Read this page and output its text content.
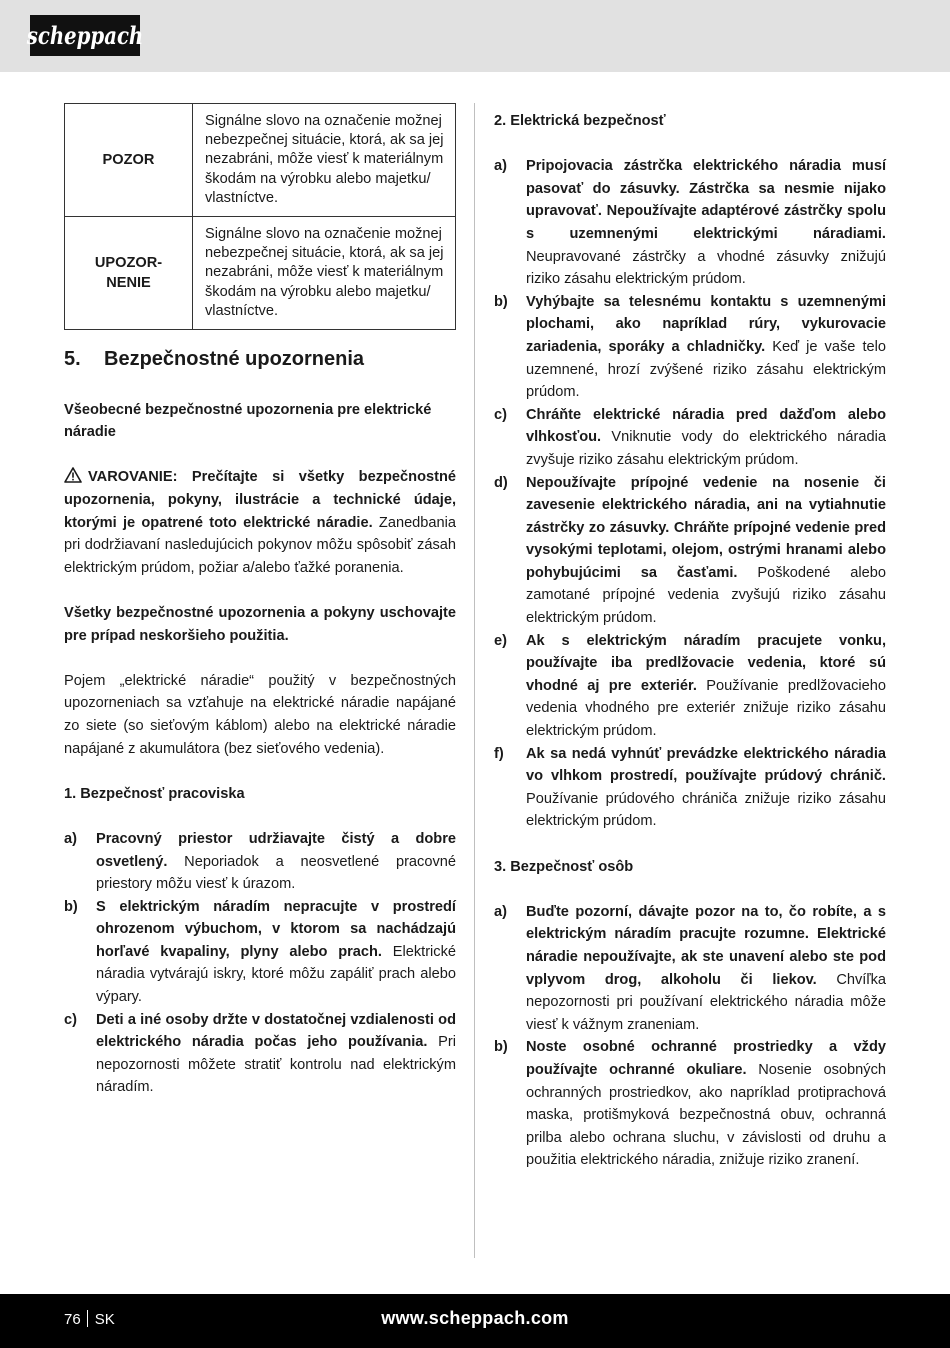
scheppach
POZOR	Signálne slovo na označenie možnej nebezpečnej situácie, ktorá, ak sa jej nezabráni, môže viesť k materiálnym škodám na výrobku alebo majetku/ vlastníctve.
UPOZOR-
NENIE	Signálne slovo na označenie možnej nebezpečnej situácie, ktorá, ak sa jej nezabráni, môže viesť k materiálnym škodám na výrobku alebo majetku/ vlastníctve.
5. Bezpečnostné upozornenia

Všeobecné bezpečnostné upozornenia pre elektrické náradie

VAROVANIE: Prečítajte si všetky bezpečnostné upozornenia, pokyny, ilustrácie a technické údaje, ktorými je opatrené toto elektrické náradie. Zanedbania pri dodržiavaní nasledujúcich pokynov môžu spôsobiť zásah elektrickým prúdom, požiar a/alebo ťažké poranenia.

Všetky bezpečnostné upozornenia a pokyny uschovajte pre prípad neskoršieho použitia.

Pojem „elektrické náradie“ použitý v bezpečnostných upozorneniach sa vzťahuje na elektrické náradie napájané zo siete (so sieťovým káblom) alebo na elektrické náradie napájané z akumulátora (bez sieťového vedenia).

1. Bezpečnosť pracoviska

a)	Pracovný priestor udržiavajte čistý a dobre osvetlený. Neporiadok a neosvetlené pracovné priestory môžu viesť k úrazom.
b)	S elektrickým náradím nepracujte v prostredí ohrozenom výbuchom, v ktorom sa nachádzajú horľavé kvapaliny, plyny alebo prach. Elektrické náradia vytvárajú iskry, ktoré môžu zapáliť prach alebo výpary.
c)	Deti a iné osoby držte v dostatočnej vzdialenosti od elektrického náradia počas jeho používania. Pri nepozornosti môžete stratiť kontrolu nad elektrickým náradím.

2. Elektrická bezpečnosť

a)	Pripojovacia zástrčka elektrického náradia musí pasovať do zásuvky. Zástrčka sa nesmie nijako upravovať. Nepoužívajte adaptérové zástrčky spolu s uzemnenými elektrickými náradiami. Neupravované zástrčky a vhodné zásuvky znižujú riziko zásahu elektrickým prúdom.
b)	Vyhýbajte sa telesnému kontaktu s uzemnenými plochami, ako napríklad rúry, vykurovacie zariadenia, sporáky a chladničky. Keď je vaše telo uzemnené, hrozí zvýšené riziko zásahu elektrickým prúdom.
c)	Chráňte elektrické náradia pred dažďom alebo vlhkosťou. Vniknutie vody do elektrického náradia zvyšuje riziko zásahu elektrickým prúdom.
d)	Nepoužívajte prípojné vedenie na nosenie či zavesenie elektrického náradia, ani na vytiahnutie zástrčky zo zásuvky. Chráňte prípojné vedenie pred vysokými teplotami, olejom, ostrými hranami alebo pohybujúcimi sa časťami. Poškodené alebo zamotané prípojné vedenia zvyšujú riziko zásahu elektrickým prúdom.
e)	Ak s elektrickým náradím pracujete vonku, používajte iba predlžovacie vedenia, ktoré sú vhodné aj pre exteriér. Používanie predlžovacieho vedenia vhodného pre exteriér znižuje riziko zásahu elektrickým prúdom.
f)	Ak sa nedá vyhnúť prevádzke elektrického náradia vo vlhkom prostredí, používajte prúdový chránič. Používanie prúdového chrániča znižuje riziko zásahu elektrickým prúdom.

3. Bezpečnosť osôb

a)	Buďte pozorní, dávajte pozor na to, čo robíte, a s elektrickým náradím pracujte rozumne. Elektrické náradie nepoužívajte, ak ste unavení alebo ste pod vplyvom drog, alkoholu či liekov. Chvíľka nepozornosti pri používaní elektrického náradia môže viesť k vážnym zraneniam.
b)	Noste osobné ochranné prostriedky a vždy používajte ochranné okuliare. Nosenie osobných ochranných prostriedkov, ako napríklad protiprachová maska, protišmyková bezpečnostná obuv, ochranná prilba alebo ochrana sluchu, v závislosti od druhu a použitia elektrického náradia, znižuje riziko zranení.
76 SK	www.scheppach.com
